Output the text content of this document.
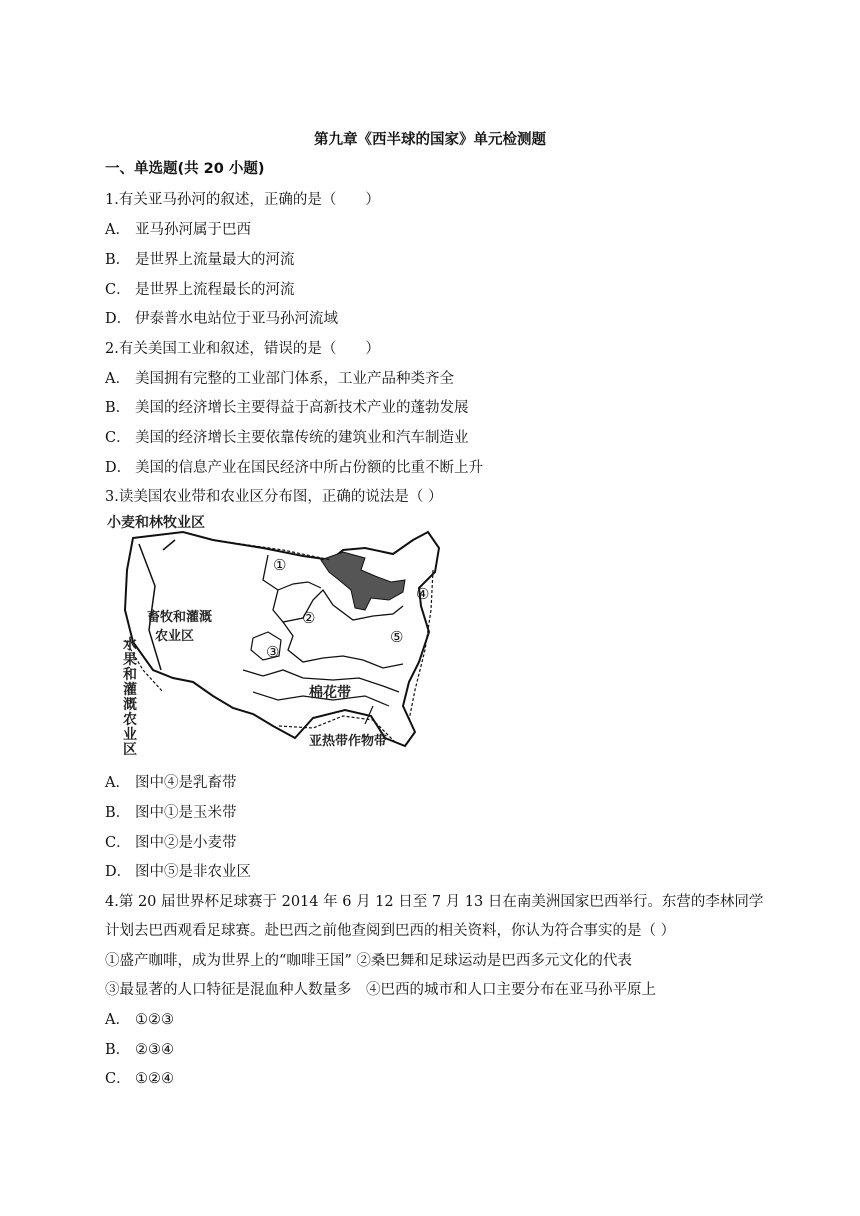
第九章《西半球的国家》单元检测题
一、单选题(共 20 小题)
1.有关亚马孙河的叙述，正确的是（　　）
A． 亚马孙河属于巴西
B． 是世界上流量最大的河流
C． 是世界上流程最长的河流
D． 伊泰普水电站位于亚马孙河流域
2.有关美国工业和叙述，错误的是（　　）
A． 美国拥有完整的工业部门体系，工业产品种类齐全
B． 美国的经济增长主要得益于高新技术产业的蓬勃发展
C． 美国的经济增长主要依靠传统的建筑业和汽车制造业
D． 美国的信息产业在国民经济中所占份额的比重不断上升
3.读美国农业带和农业区分布图，正确的说法是（ ）
小麦和林牧业区
畜牧和灌溉
农业区
水
果
和
灌
溉
农
业
区
棉花带
亚热带作物带
①
②
③
④
⑤
A． 图中④是乳畜带
B． 图中①是玉米带
C． 图中②是小麦带
D． 图中⑤是非农业区
4.第 20 届世界杯足球赛于 2014 年 6 月 12 日至 7 月 13 日在南美洲国家巴西举行。东营的李林同学
计划去巴西观看足球赛。赴巴西之前他查阅到巴西的相关资料，你认为符合事实的是（ ）
①盛产咖啡，成为世界上的“咖啡王国” ②桑巴舞和足球运动是巴西多元文化的代表
③最显著的人口特征是混血种人数量多　④巴西的城市和人口主要分布在亚马孙平原上
A． ①②③
B． ②③④
C． ①②④
